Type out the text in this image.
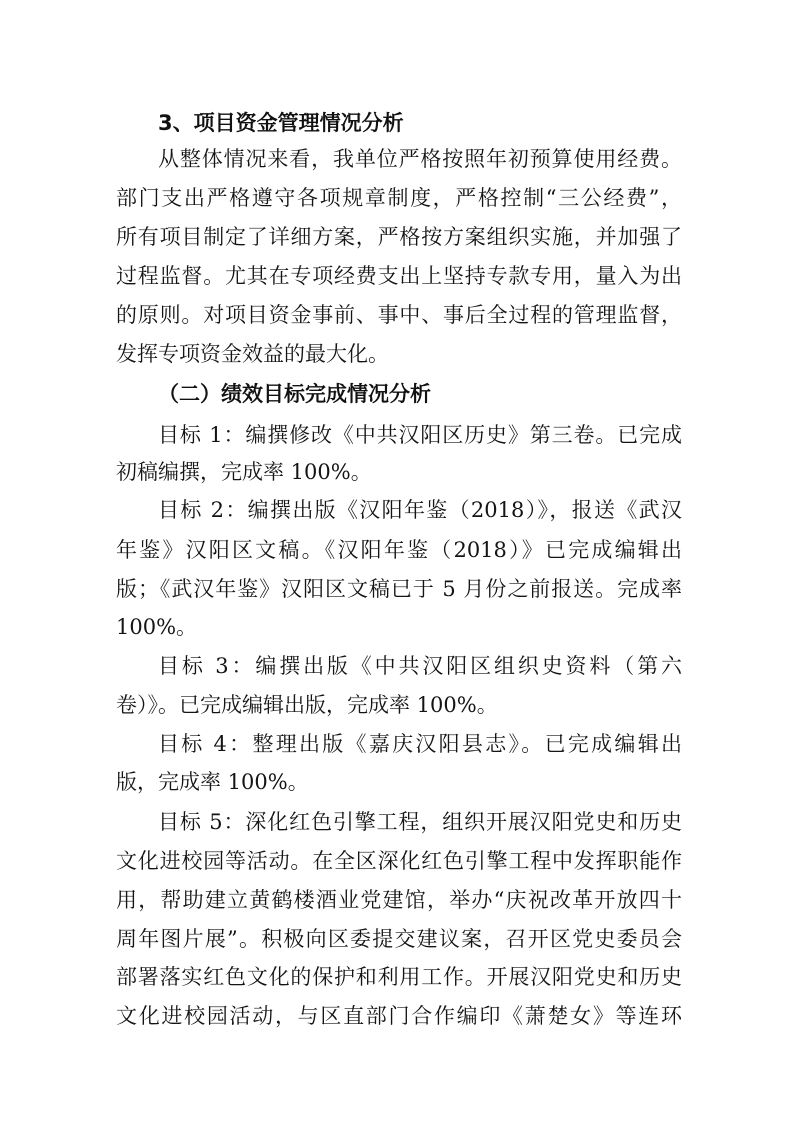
3、项目资金管理情况分析
从整体情况来看，我单位严格按照年初预算使用经费。
部门支出严格遵守各项规章制度，严格控制“三公经费”，
所有项目制定了详细方案，严格按方案组织实施，并加强了
过程监督。尤其在专项经费支出上坚持专款专用，量入为出
的原则。对项目资金事前、事中、事后全过程的管理监督，
发挥专项资金效益的最大化。
（二）绩效目标完成情况分析
目标 1：编撰修改《中共汉阳区历史》第三卷。已完成
初稿编撰，完成率 100%。
目标 2：编撰出版《汉阳年鉴（2018）》，报送《武汉
年鉴》汉阳区文稿。《汉阳年鉴（2018）》已完成编辑出
版；《武汉年鉴》汉阳区文稿已于 5 月份之前报送。完成率
100%。
目标 3：编撰出版《中共汉阳区组织史资料（第六
卷）》。已完成编辑出版，完成率 100%。
目标 4：整理出版《嘉庆汉阳县志》。已完成编辑出
版，完成率 100%。
目标 5：深化红色引擎工程，组织开展汉阳党史和历史
文化进校园等活动。在全区深化红色引擎工程中发挥职能作
用，帮助建立黄鹤楼酒业党建馆，举办“庆祝改革开放四十
周年图片展”。积极向区委提交建议案，召开区党史委员会
部署落实红色文化的保护和利用工作。开展汉阳党史和历史
文化进校园活动，与区直部门合作编印《萧楚女》等连环
